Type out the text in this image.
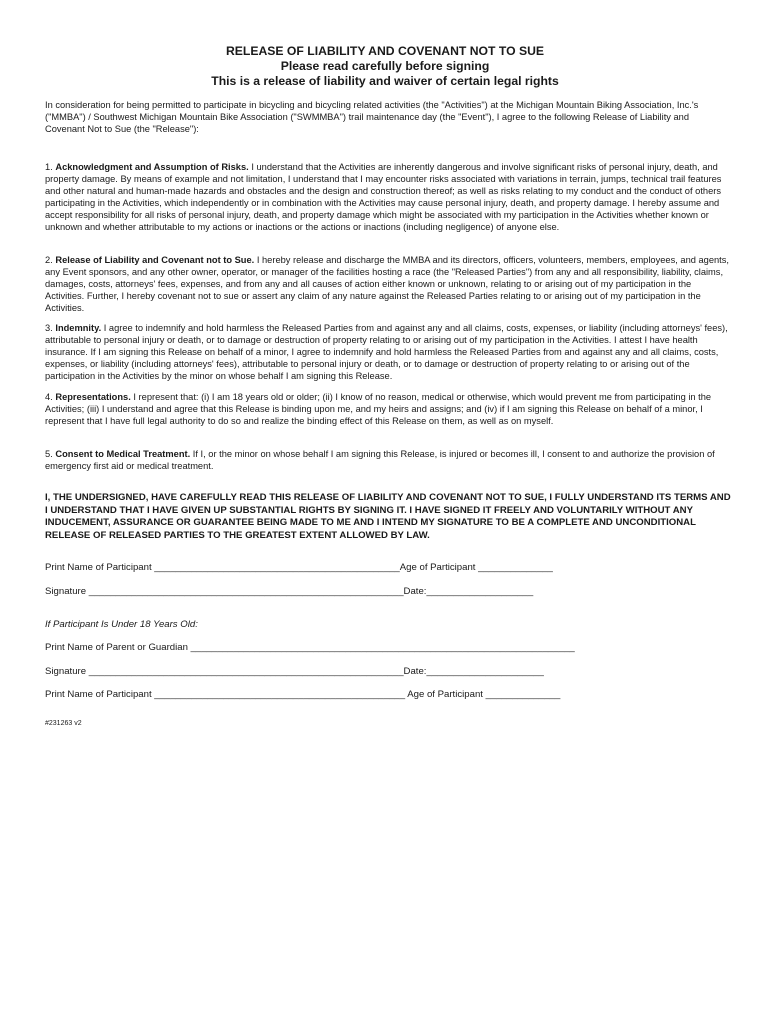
RELEASE OF LIABILITY AND COVENANT NOT TO SUE
Please read carefully before signing
This is a release of liability and waiver of certain legal rights

In consideration for being permitted to participate in bicycling and bicycling related activities (the "Activities") at the Michigan Mountain Biking Association, Inc.'s ("MMBA") / Southwest Michigan Mountain Bike Association ("SWMMBA") trail maintenance day (the "Event"), I agree to the following Release of Liability and Covenant Not to Sue (the "Release"):

1. Acknowledgment and Assumption of Risks. I understand that the Activities are inherently dangerous and involve significant risks of personal injury, death, and property damage. By means of example and not limitation, I understand that I may encounter risks associated with variations in terrain, jumps, technical trail features and other natural and human-made hazards and obstacles and the design and construction thereof; as well as risks relating to my conduct and the conduct of others participating in the Activities, which independently or in combination with the Activities may cause personal injury, death, and property damage. I hereby assume and accept responsibility for all risks of personal injury, death, and property damage which might be associated with my participation in the Activities whether known or unknown and whether attributable to my actions or inactions or the actions or inactions (including negligence) of anyone else.

2. Release of Liability and Covenant not to Sue. I hereby release and discharge the MMBA and its directors, officers, volunteers, members, employees, and agents, any Event sponsors, and any other owner, operator, or manager of the facilities hosting a race (the "Released Parties") from any and all responsibility, liability, claims, damages, costs, attorneys' fees, expenses, and from any and all causes of action either known or unknown, relating to or arising out of my participation in the Activities. Further, I hereby covenant not to sue or assert any claim of any nature against the Released Parties relating to or arising out of my participation in the Activities.

3. Indemnity. I agree to indemnify and hold harmless the Released Parties from and against any and all claims, costs, expenses, or liability (including attorneys' fees), attributable to personal injury or death, or to damage or destruction of property relating to or arising out of my participation in the Activities. I attest I have health insurance. If I am signing this Release on behalf of a minor, I agree to indemnify and hold harmless the Released Parties from and against any and all claims, costs, expenses, or liability (including attorneys' fees), attributable to personal injury or death, or to damage or destruction of property relating to or arising out of the participation in the Activities by the minor on whose behalf I am signing this Release.

4. Representations. I represent that: (i) I am 18 years old or older; (ii) I know of no reason, medical or otherwise, which would prevent me from participating in the Activities; (iii) I understand and agree that this Release is binding upon me, and my heirs and assigns; and (iv) if I am signing this Release on behalf of a minor, I represent that I have full legal authority to do so and realize the binding effect of this Release on them, as well as on myself.

5. Consent to Medical Treatment. If I, or the minor on whose behalf I am signing this Release, is injured or becomes ill, I consent to and authorize the provision of emergency first aid or medical treatment.

I, THE UNDERSIGNED, HAVE CAREFULLY READ THIS RELEASE OF LIABILITY AND COVENANT NOT TO SUE, I FULLY UNDERSTAND ITS TERMS AND I UNDERSTAND THAT I HAVE GIVEN UP SUBSTANTIAL RIGHTS BY SIGNING IT. I HAVE SIGNED IT FREELY AND VOLUNTARILY WITHOUT ANY INDUCEMENT, ASSURANCE OR GUARANTEE BEING MADE TO ME AND I INTEND MY SIGNATURE TO BE A COMPLETE AND UNCONDITIONAL RELEASE OF RELEASED PARTIES TO THE GREATEST EXTENT ALLOWED BY LAW.

Print Name of Participant ______________________________________________Age of Participant ______________
Signature ___________________________________________________________Date:____________________
If Participant Is Under 18 Years Old:
Print Name of Parent or Guardian ________________________________________________________________________
Signature ___________________________________________________________Date:______________________
Print Name of Participant _______________________________________________ Age of Participant ______________
#231263 v2
